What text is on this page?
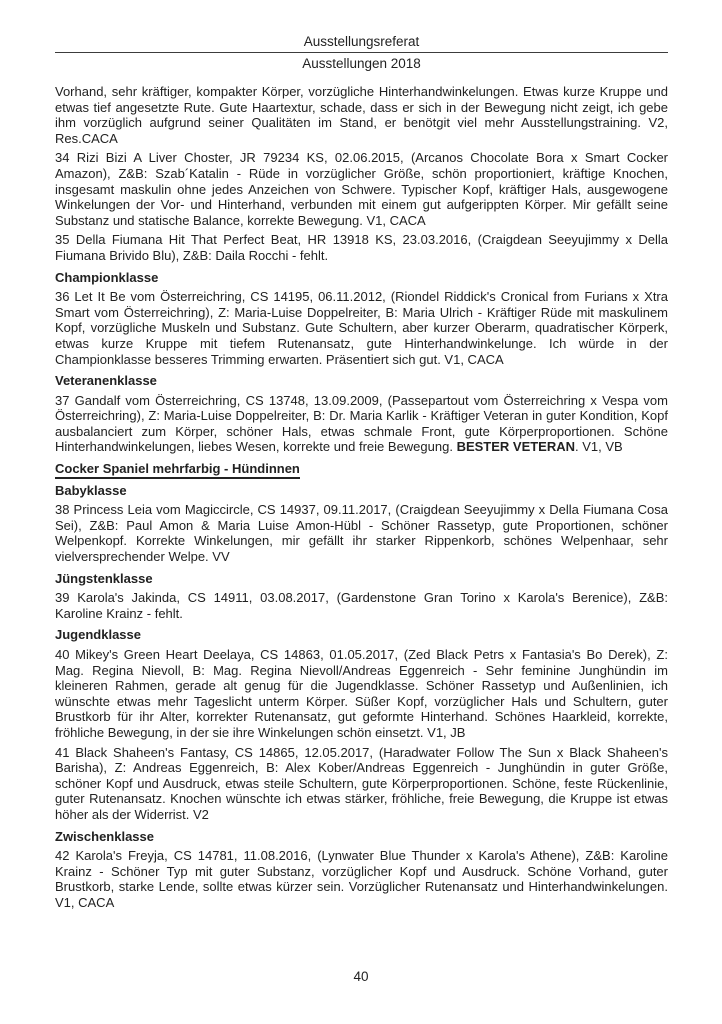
Ausstellungsreferat
Ausstellungen 2018

Vorhand, sehr kräftiger, kompakter Körper, vorzügliche Hinterhandwinkelungen. Etwas kurze Kruppe und etwas tief angesetzte Rute. Gute Haartextur, schade, dass er sich in der Bewegung nicht zeigt, ich gebe ihm vorzüglich aufgrund seiner Qualitäten im Stand, er benötgit viel mehr Ausstellungstraining. V2, Res.CACA

34 Rizi Bizi A Liver Choster, JR 79234 KS, 02.06.2015, (Arcanos Chocolate Bora x Smart Cocker Amazon), Z&B: Szab´Katalin - Rüde in vorzüglicher Größe, schön proportioniert, kräftige Knochen, insgesamt maskulin ohne jedes Anzeichen von Schwere. Typischer Kopf, kräftiger Hals, ausgewogene Winkelungen der Vor- und Hinterhand, verbunden mit einem gut aufgerippten Körper. Mir gefällt seine Substanz und statische Balance, korrekte Bewegung. V1, CACA

35 Della Fiumana Hit That Perfect Beat, HR 13918 KS, 23.03.2016, (Craigdean Seeyujimmy x Della Fiumana Brivido Blu), Z&B: Daila Rocchi - fehlt.

Championklasse

36 Let It Be vom Österreichring, CS 14195, 06.11.2012, (Riondel Riddick's Cronical from Furians x Xtra Smart vom Österreichring), Z: Maria-Luise Doppelreiter, B: Maria Ulrich - Kräftiger Rüde mit maskulinem Kopf, vorzügliche Muskeln und Substanz. Gute Schultern, aber kurzer Oberarm, quadratischer Körperk, etwas kurze Kruppe mit tiefem Rutenansatz, gute Hinterhandwinkelunge. Ich würde in der Championklasse besseres Trimming erwarten. Präsentiert sich gut. V1, CACA

Veteranenklasse

37 Gandalf vom Österreichring, CS 13748, 13.09.2009, (Passepartout vom Österreichring x Vespa vom Österreichring), Z: Maria-Luise Doppelreiter, B: Dr. Maria Karlik - Kräftiger Veteran in guter Kondition, Kopf ausbalanciert zum Körper, schöner Hals, etwas schmale Front, gute Körperproportionen. Schöne Hinterhandwinkelungen, liebes Wesen, korrekte und freie Bewegung. BESTER VETERAN. V1, VB

Cocker Spaniel mehrfarbig - Hündinnen
Babyklasse

38 Princess Leia vom Magiccircle, CS 14937, 09.11.2017, (Craigdean Seeyujimmy x Della Fiumana Cosa Sei), Z&B: Paul Amon & Maria Luise Amon-Hübl - Schöner Rassetyp, gute Proportionen, schöner Welpenkopf. Korrekte Winkelungen, mir gefällt ihr starker Rippenkorb, schönes Welpenhaar, sehr vielversprechender Welpe. VV

Jüngstenklasse

39 Karola's Jakinda, CS 14911, 03.08.2017, (Gardenstone Gran Torino x Karola's Berenice), Z&B: Karoline Krainz - fehlt.

Jugendklasse

40 Mikey's Green Heart Deelaya, CS 14863, 01.05.2017, (Zed Black Petrs x Fantasia's Bo Derek), Z: Mag. Regina Nievoll, B: Mag. Regina Nievoll/Andreas Eggenreich - Sehr feminine Junghündin im kleineren Rahmen, gerade alt genug für die Jugendklasse. Schöner Rassetyp und Außenlinien, ich wünschte etwas mehr Tageslicht unterm Körper. Süßer Kopf, vorzüglicher Hals und Schultern, guter Brustkorb für ihr Alter, korrekter Rutenansatz, gut geformte Hinterhand. Schönes Haarkleid, korrekte, fröhliche Bewegung, in der sie ihre Winkelungen schön einsetzt. V1, JB

41 Black Shaheen's Fantasy, CS 14865, 12.05.2017, (Haradwater Follow The Sun x Black Shaheen's Barisha), Z: Andreas Eggenreich, B: Alex Kober/Andreas Eggenreich - Junghündin in guter Größe, schöner Kopf und Ausdruck, etwas steile Schultern, gute Körperproportionen. Schöne, feste Rückenlinie, guter Rutenansatz. Knochen wünschte ich etwas stärker, fröhliche, freie Bewegung, die Kruppe ist etwas höher als der Widerrist. V2

Zwischenklasse

42 Karola's Freyja, CS 14781, 11.08.2016, (Lynwater Blue Thunder x Karola's Athene), Z&B: Karoline Krainz - Schöner Typ mit guter Substanz, vorzüglicher Kopf und Ausdruck. Schöne Vorhand, guter Brustkorb, starke Lende, sollte etwas kürzer sein. Vorzüglicher Rutenansatz und Hinterhandwinkelungen. V1, CACA

40
